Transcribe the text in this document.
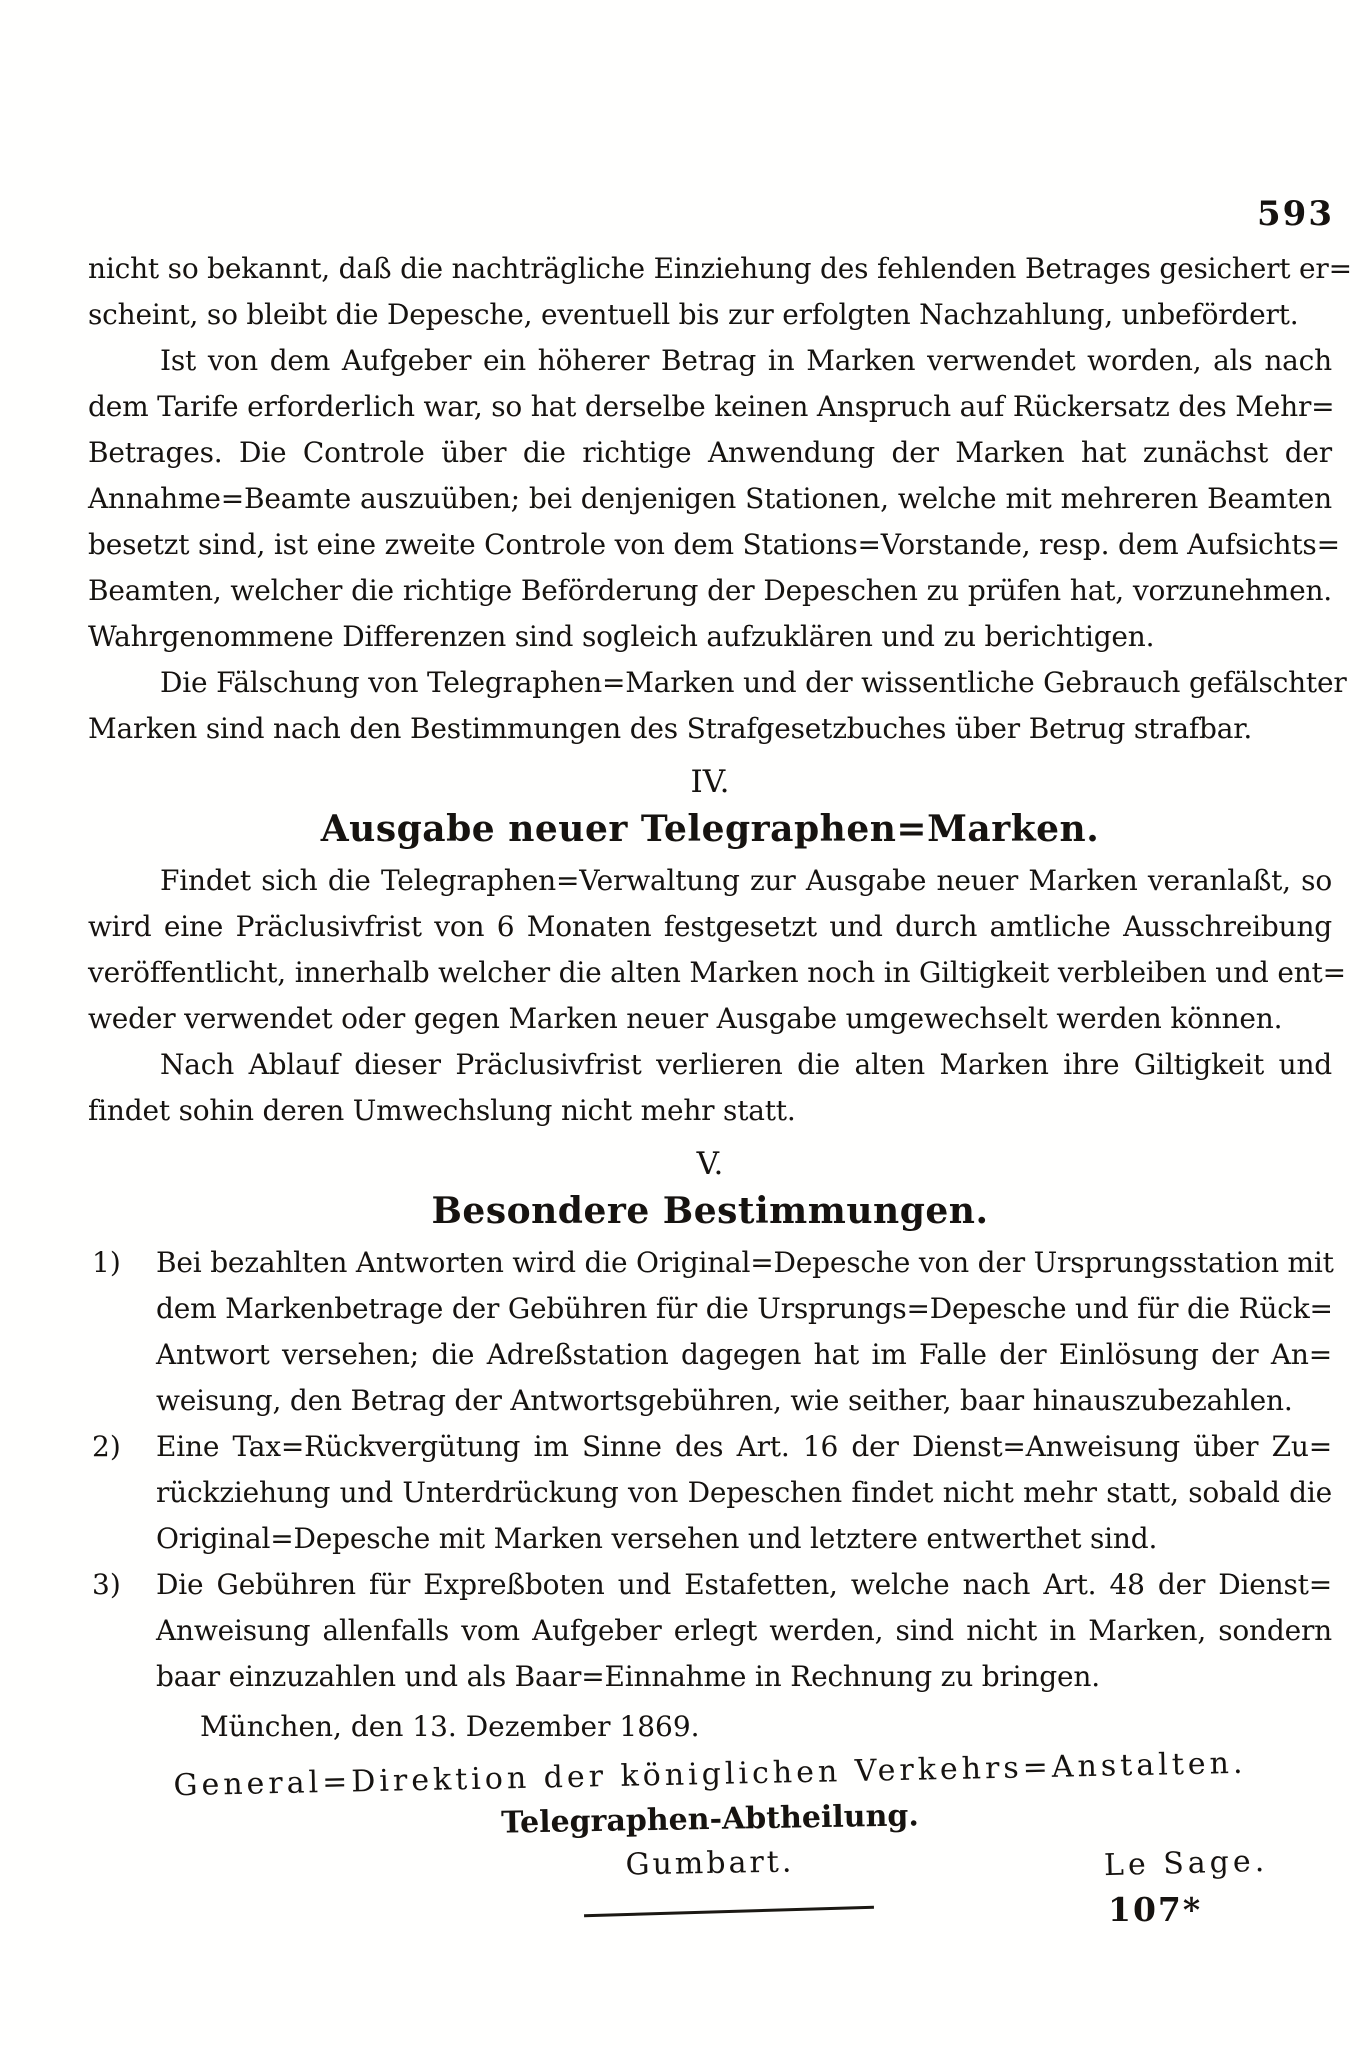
593
nicht so bekannt, daß die nachträgliche Einziehung des fehlenden Betrages gesichert er=
scheint, so bleibt die Depesche, eventuell bis zur erfolgten Nachzahlung, unbefördert.
Ist von dem Aufgeber ein höherer Betrag in Marken verwendet worden, als nach
dem Tarife erforderlich war, so hat derselbe keinen Anspruch auf Rückersatz des Mehr=
Betrages. Die Controle über die richtige Anwendung der Marken hat zunächst der
Annahme=Beamte auszuüben; bei denjenigen Stationen, welche mit mehreren Beamten
besetzt sind, ist eine zweite Controle von dem Stations=Vorstande, resp. dem Aufsichts=
Beamten, welcher die richtige Beförderung der Depeschen zu prüfen hat, vorzunehmen.
Wahrgenommene Differenzen sind sogleich aufzuklären und zu berichtigen.
Die Fälschung von Telegraphen=Marken und der wissentliche Gebrauch gefälschter
Marken sind nach den Bestimmungen des Strafgesetzbuches über Betrug strafbar.
IV.
Ausgabe neuer Telegraphen=Marken.
Findet sich die Telegraphen=Verwaltung zur Ausgabe neuer Marken veranlaßt, so
wird eine Präclusivfrist von 6 Monaten festgesetzt und durch amtliche Ausschreibung
veröffentlicht, innerhalb welcher die alten Marken noch in Giltigkeit verbleiben und ent=
weder verwendet oder gegen Marken neuer Ausgabe umgewechselt werden können.
Nach Ablauf dieser Präclusivfrist verlieren die alten Marken ihre Giltigkeit und
findet sohin deren Umwechslung nicht mehr statt.
V.
Besondere Bestimmungen.
1) Bei bezahlten Antworten wird die Original=Depesche von der Ursprungsstation mit
dem Markenbetrage der Gebühren für die Ursprungs=Depesche und für die Rück=
Antwort versehen; die Adreßstation dagegen hat im Falle der Einlösung der An=
weisung, den Betrag der Antwortsgebühren, wie seither, baar hinauszubezahlen.
2) Eine Tax=Rückvergütung im Sinne des Art. 16 der Dienst=Anweisung über Zu=
rückziehung und Unterdrückung von Depeschen findet nicht mehr statt, sobald die
Original=Depesche mit Marken versehen und letztere entwerthet sind.
3) Die Gebühren für Expreßboten und Estafetten, welche nach Art. 48 der Dienst=
Anweisung allenfalls vom Aufgeber erlegt werden, sind nicht in Marken, sondern
baar einzuzahlen und als Baar=Einnahme in Rechnung zu bringen.
München, den 13. Dezember 1869.
General=Direktion der königlichen Verkehrs=Anstalten.
Telegraphen-Abtheilung.
Gumbart.	Le Sage.
107*
